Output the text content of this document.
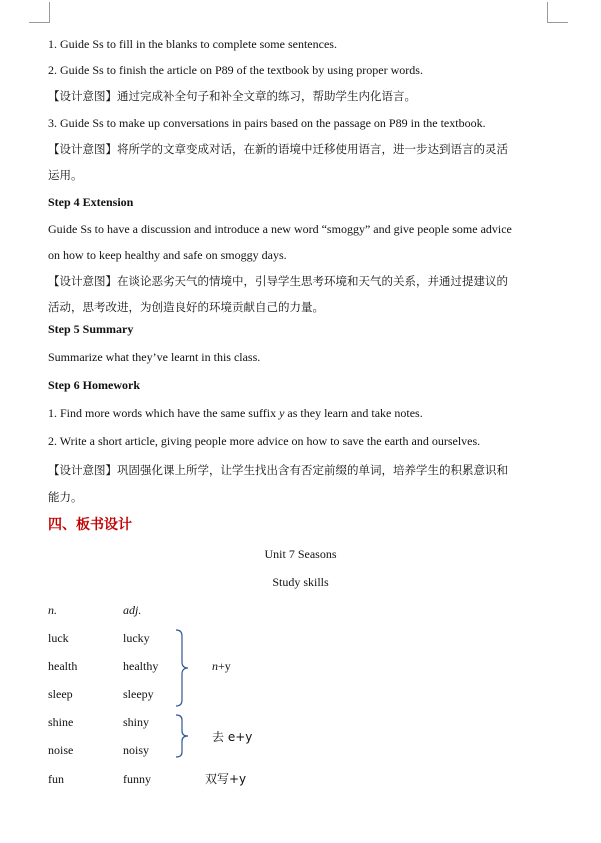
1. Guide Ss to fill in the blanks to complete some sentences.
2. Guide Ss to finish the article on P89 of the textbook by using proper words.
【设计意图】通过完成补全句子和补全文章的练习，帮助学生内化语言。
3. Guide Ss to make up conversations in pairs based on the passage on P89 in the textbook.
【设计意图】将所学的文章变成对话，在新的语境中迁移使用语言，进一步达到语言的灵活
运用。
Step 4 Extension
Guide Ss to have a discussion and introduce a new word “smoggy” and give people some advice
on how to keep healthy and safe on smoggy days.
【设计意图】在谈论恶劣天气的情境中，引导学生思考环境和天气的关系，并通过提建议的
活动，思考改进，为创造良好的环境贡献自己的力量。
Step 5 Summary
Summarize what they’ve learnt in this class.
Step 6 Homework
1. Find more words which have the same suffix y as they learn and take notes.
2. Write a short article, giving people more advice on how to save the earth and ourselves.
【设计意图】巩固强化课上所学，让学生找出含有否定前缀的单词，培养学生的积累意识和
能力。
四、板书设计
Unit 7 Seasons
Study skills
n.	adj.
luck	lucky
health	healthy
sleep	sleepy
shine	shiny
noise	noisy
fun	funny
n+y
去 e+y
双写+y
